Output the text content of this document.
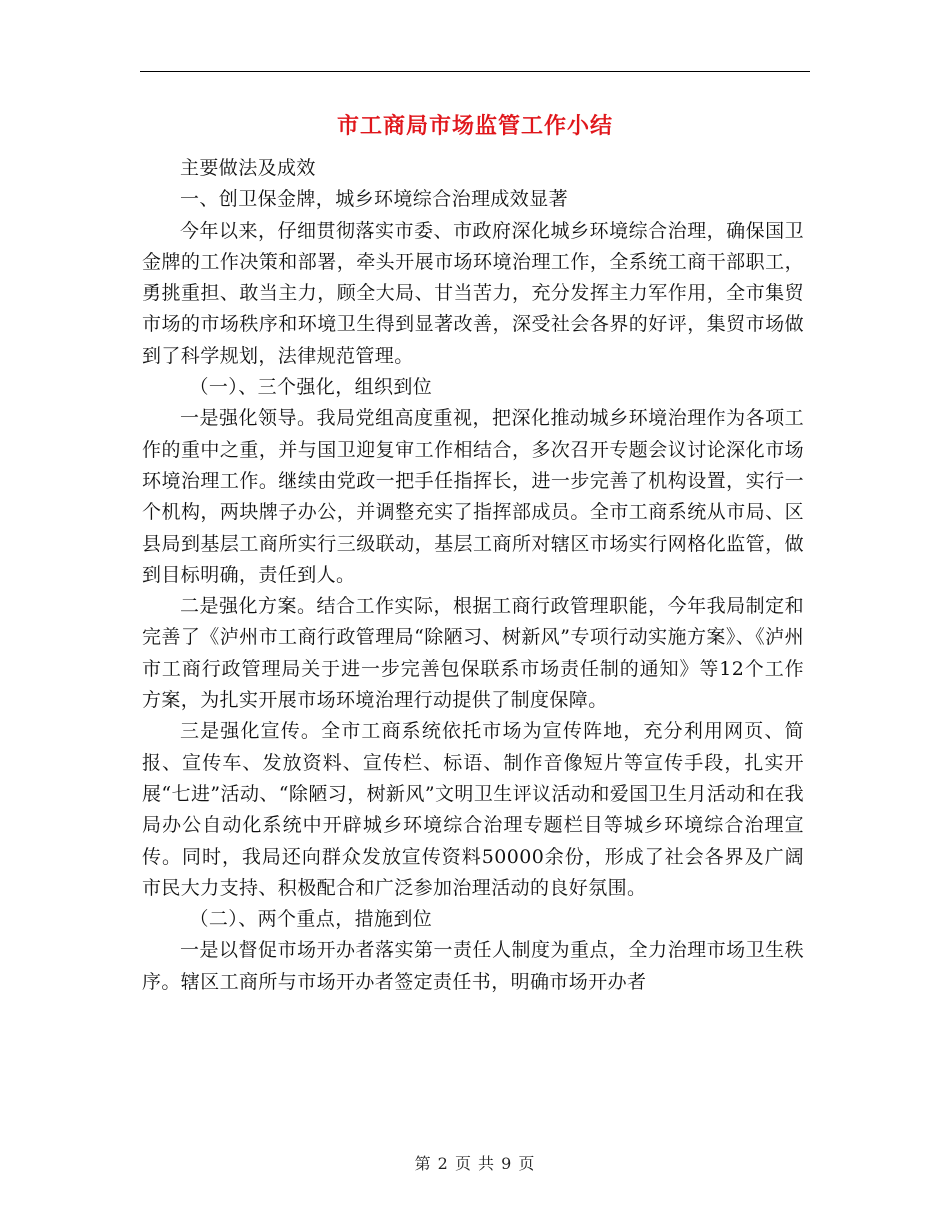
市工商局市场监管工作小结

主要做法及成效

一、创卫保金牌，城乡环境综合治理成效显著

今年以来，仔细贯彻落实市委、市政府深化城乡环境综合治理，确保国卫金牌的工作决策和部署，牵头开展市场环境治理工作，全系统工商干部职工，勇挑重担、敢当主力，顾全大局、甘当苦力，充分发挥主力军作用，全市集贸市场的市场秩序和环境卫生得到显著改善，深受社会各界的好评，集贸市场做到了科学规划，法律规范管理。

（一）、三个强化，组织到位

一是强化领导。我局党组高度重视，把深化推动城乡环境治理作为各项工作的重中之重，并与国卫迎复审工作相结合，多次召开专题会议讨论深化市场环境治理工作。继续由党政一把手任指挥长，进一步完善了机构设置，实行一个机构，两块牌子办公，并调整充实了指挥部成员。全市工商系统从市局、区县局到基层工商所实行三级联动，基层工商所对辖区市场实行网格化监管，做到目标明确，责任到人。

二是强化方案。结合工作实际，根据工商行政管理职能，今年我局制定和完善了《泸州市工商行政管理局“除陋习、树新风”专项行动实施方案》、《泸州市工商行政管理局关于进一步完善包保联系市场责任制的通知》等12个工作方案，为扎实开展市场环境治理行动提供了制度保障。

三是强化宣传。全市工商系统依托市场为宣传阵地，充分利用网页、简报、宣传车、发放资料、宣传栏、标语、制作音像短片等宣传手段，扎实开展“七进”活动、“除陋习，树新风”文明卫生评议活动和爱国卫生月活动和在我局办公自动化系统中开辟城乡环境综合治理专题栏目等城乡环境综合治理宣传。同时，我局还向群众发放宣传资料50000余份，形成了社会各界及广阔市民大力支持、积极配合和广泛参加治理活动的良好氛围。

（二）、两个重点，措施到位

一是以督促市场开办者落实第一责任人制度为重点，全力治理市场卫生秩序。辖区工商所与市场开办者签定责任书，明确市场开办者

第 2 页 共 9 页
